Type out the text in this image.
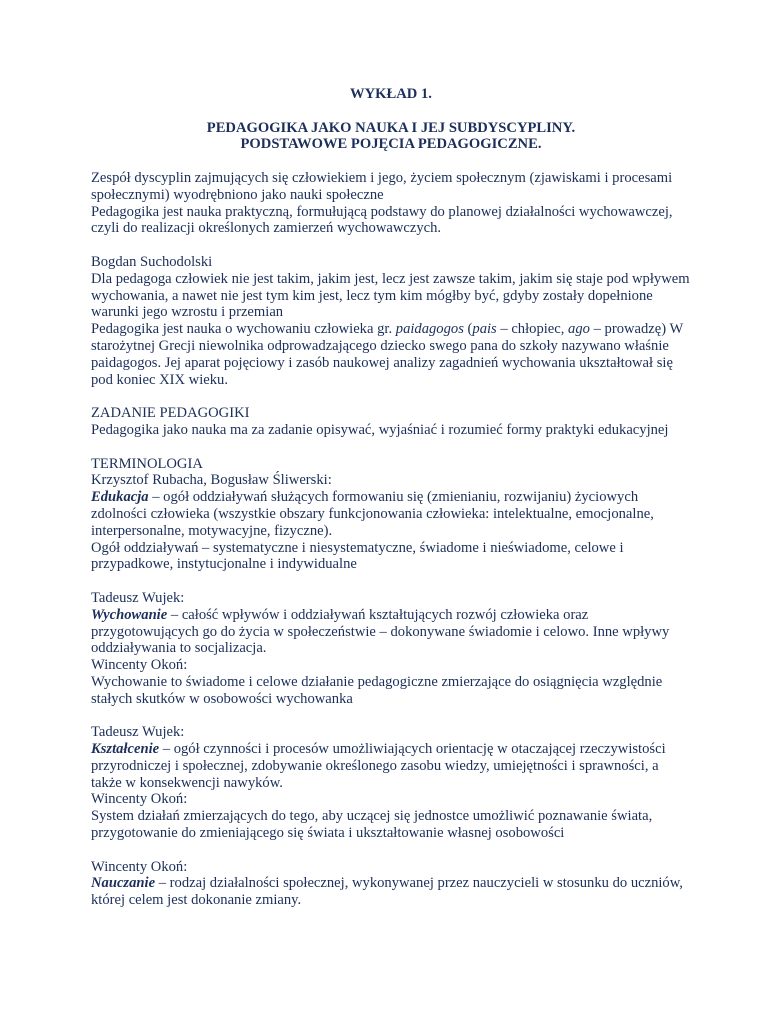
WYKŁAD 1.

PEDAGOGIKA JAKO NAUKA I JEJ SUBDYSCYPLINY.

PODSTAWOWE POJĘCIA PEDAGOGICZNE.

Zespół dyscyplin zajmujących się człowiekiem i jego, życiem społecznym (zjawiskami i procesami społecznymi) wyodrębniono jako nauki społeczne

Pedagogika jest nauka praktyczną, formułującą podstawy do planowej działalności wychowawczej, czyli do realizacji określonych zamierzeń wychowawczych.

Bogdan Suchodolski

Dla pedagoga człowiek nie jest takim, jakim jest, lecz jest zawsze takim, jakim się staje pod wpływem wychowania, a nawet nie jest tym kim jest, lecz tym kim mógłby być, gdyby zostały dopełnione warunki jego wzrostu i przemian

Pedagogika jest nauka o wychowaniu człowieka gr. paidagogos (pais – chłopiec, ago – prowadzę) W starożytnej Grecji niewolnika odprowadzającego dziecko swego pana do szkoły nazywano właśnie paidagogos. Jej aparat pojęciowy i zasób naukowej analizy zagadnień wychowania ukształtował się pod koniec XIX wieku.

ZADANIE PEDAGOGIKI

Pedagogika jako nauka ma za zadanie opisywać, wyjaśniać i rozumieć formy praktyki edukacyjnej

TERMINOLOGIA

Krzysztof Rubacha, Bogusław Śliwerski:

Edukacja – ogół oddziaływań służących formowaniu się (zmienianiu, rozwijaniu) życiowych zdolności człowieka (wszystkie obszary funkcjonowania człowieka: intelektualne, emocjonalne, interpersonalne, motywacyjne, fizyczne).

Ogół oddziaływań – systematyczne i niesystematyczne, świadome i nieświadome, celowe i przypadkowe, instytucjonalne i indywidualne

Tadeusz Wujek:

Wychowanie – całość wpływów i oddziaływań kształtujących rozwój człowieka oraz przygotowujących go do życia w społeczeństwie – dokonywane świadomie i celowo. Inne wpływy oddziaływania to socjalizacja.

Wincenty Okoń:

Wychowanie to świadome i celowe działanie pedagogiczne zmierzające do osiągnięcia względnie stałych skutków w osobowości wychowanka

Tadeusz Wujek:

Kształcenie – ogół czynności i procesów umożliwiających orientację w otaczającej rzeczywistości przyrodniczej i społecznej, zdobywanie określonego zasobu wiedzy, umiejętności i sprawności, a także w konsekwencji nawyków.

Wincenty Okoń:

System działań zmierzających do tego, aby uczącej się jednostce umożliwić poznawanie świata, przygotowanie do zmieniającego się świata i ukształtowanie własnej osobowości

Wincenty Okoń:

Nauczanie – rodzaj działalności społecznej, wykonywanej przez nauczycieli w stosunku do uczniów, której celem jest dokonanie zmiany.
